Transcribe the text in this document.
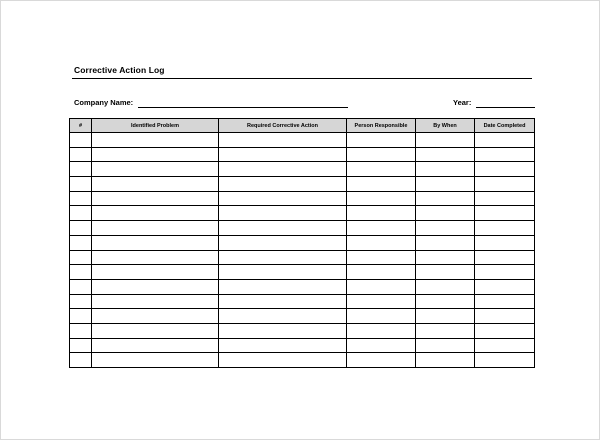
Corrective Action Log
Company Name:	Year:
#	Identified Problem	Required Corrective Action	Person Responsible	By When	Date Completed
